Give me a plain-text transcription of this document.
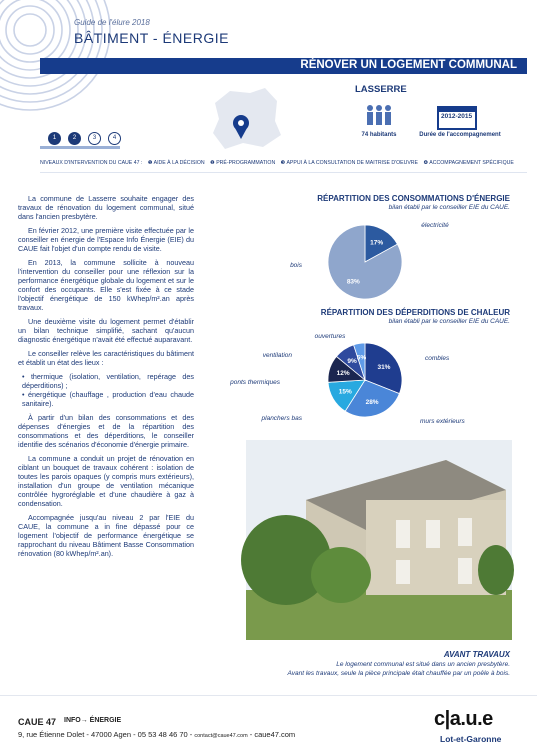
Guide de l'élure 2018
BÂTIMENT - ÉNERGIE
RÉNOVER UN LOGEMENT COMMUNAL
LASSERRE
74 habitants
2012-2015
Durée de l'accompagnement
1	2	3	4
NIVEAUX D'INTERVENTION DU CAUE 47 : ❶ AIDE À LA DÉCISION ❷ PRÉ-PROGRAMMATION ❸ APPUI À LA CONSULTATION DE MAITRISE D'OEUVRE ❹ ACCOMPAGNEMENT SPÉCIFIQUE

La commune de Lasserre souhaite engager des travaux de rénovation du logement communal, situé dans l'ancien presbytère.

En février 2012, une première visite effectuée par le conseiller en énergie de l'Espace Info Énergie (EIE) du CAUE fait l'objet d'un compte rendu de visite.

En 2013, la commune sollicite à nouveau l'intervention du conseiller pour une réflexion sur la performance énergétique globale du logement et sur le confort des occupants. Elle s'est fixée à ce stade l'objectif énergétique de 150 kWhep/m².an après travaux.

Une deuxième visite du logement permet d'établir un bilan technique simplifié, sachant qu'aucun diagnostic énergétique n'avait été effectué auparavant.

Le conseiller relève les caractéristiques du bâtiment et établit un état des lieux :

• thermique (isolation, ventilation, repérage des déperditions) ;
• énergétique (chauffage , production d'eau chaude sanitaire).

À partir d'un bilan des consommations et des dépenses d'énergies et de la répartition des consommations et des déperditions, le conseiller identifie des scénarios d'économie d'énergie primaire.

La commune a conduit un projet de rénovation en ciblant un bouquet de travaux cohérent : isolation de toutes les parois opaques (y compris murs extérieurs), installation d'un groupe de ventilation mécanique contrôlée hygroréglable et d'une chaudière à gaz à condensation.

Accompagnée jusqu'au niveau 2 par l'EIE du CAUE, la commune a in fine dépassé pour ce logement l'objectif de performance énergétique se rapprochant du niveau Bâtiment Basse Consommation rénovation (80 kWhep/m².an).

RÉPARTITION DES CONSOMMATIONS D'ÉNERGIE
bilan établi par le conseiller EIE du CAUE.
17%
électricité
83%
bois
RÉPARTITION DES DÉPERDITIONS DE CHALEUR
bilan établi par le conseiller EIE du CAUE.
31%
combles
28%
murs extérieurs
15%
planchers bas
12%
ponts thermiques
9%
ventilation	5%
ouvertures
AVANT TRAVAUX
Le logement communal est situé dans un ancien presbytère.
Avant les travaux, seule la pièce principale était chauffée par un poêle à bois.
CAUE 47 INFO→ ÉNERGIE
9, rue Étienne Dolet - 47000 Agen - 05 53 48 46 70 - contact@caue47.com - caue47.com
c|a.u.e
Lot-et-Garonne
